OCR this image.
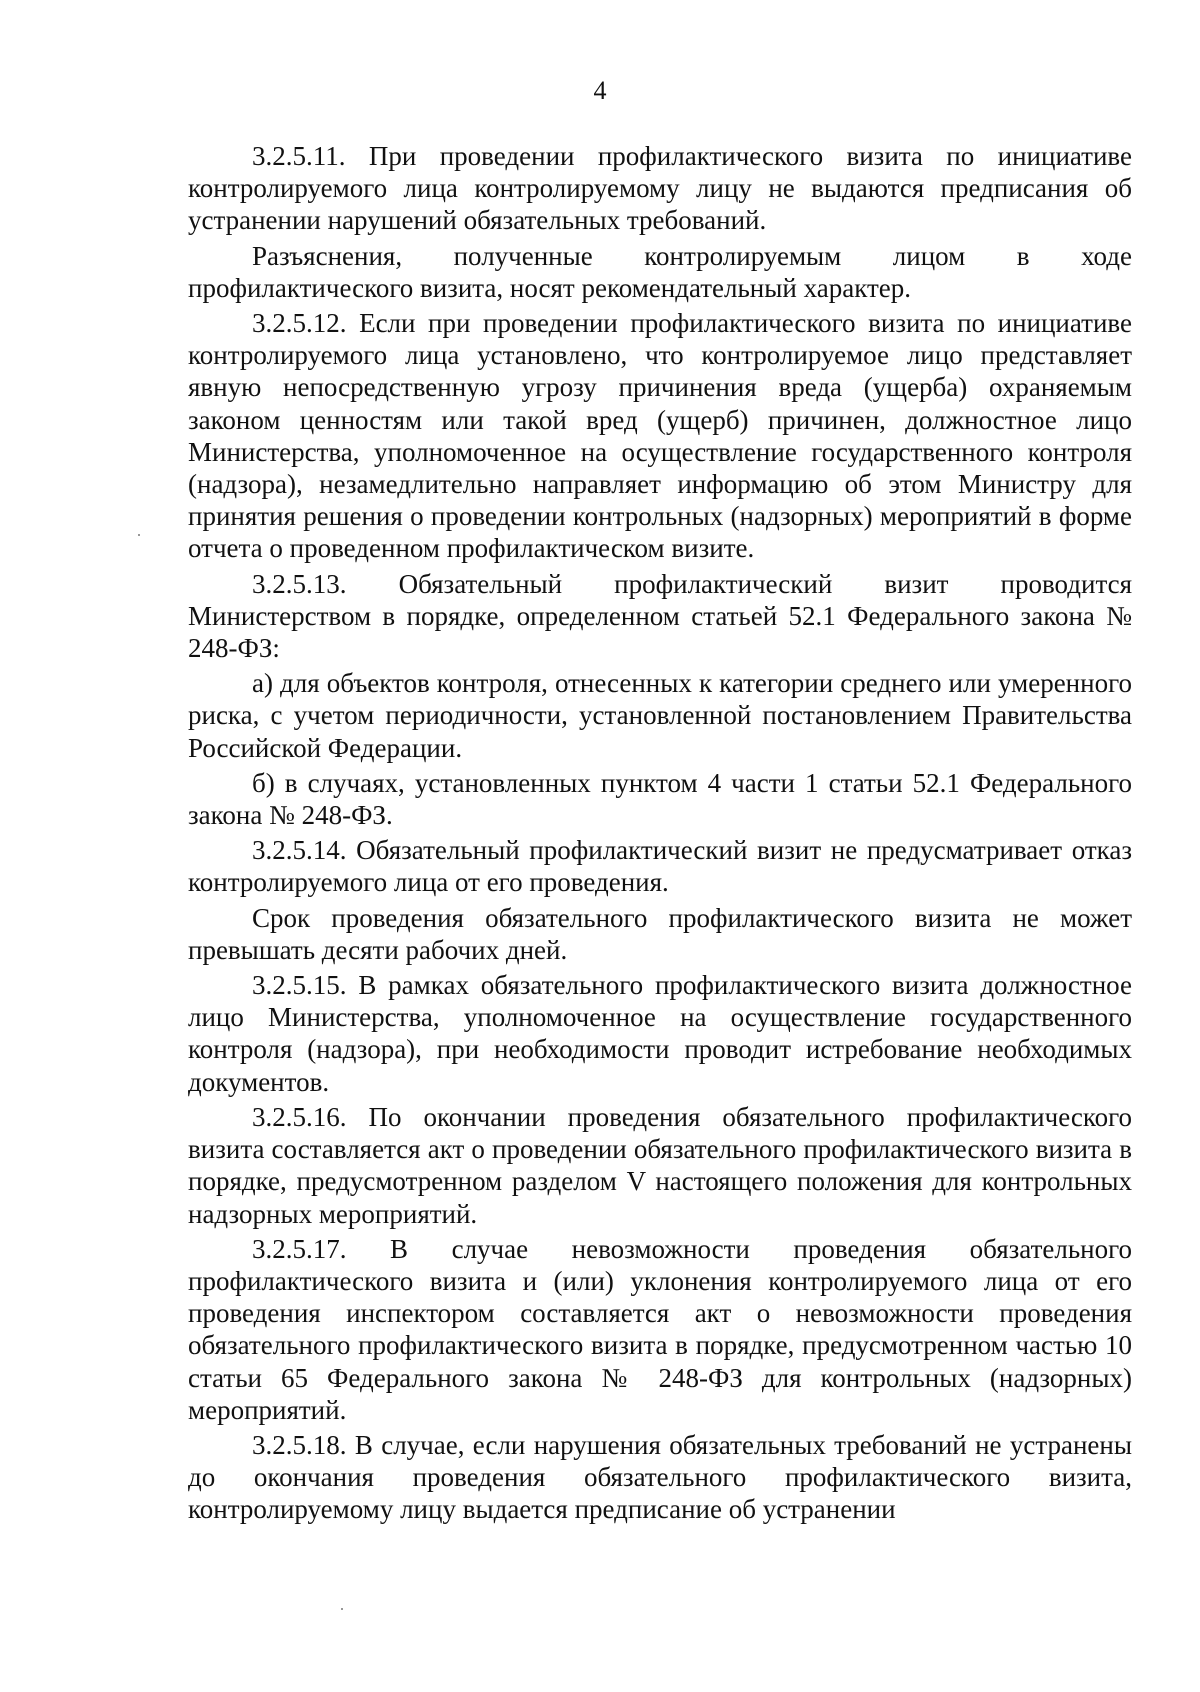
4

3.2.5.11. При проведении профилактического визита по инициативе контролируемого лица контролируемому лицу не выдаются предписания об устранении нарушений обязательных требований.

Разъяснения, полученные контролируемым лицом в ходе профилактического визита, носят рекомендательный характер.

3.2.5.12. Если при проведении профилактического визита по инициативе контролируемого лица установлено, что контролируемое лицо представляет явную непосредственную угрозу причинения вреда (ущерба) охраняемым законом ценностям или такой вред (ущерб) причинен, должностное лицо Министерства, уполномоченное на осуществление государственного контроля (надзора), незамедлительно направляет информацию об этом Министру для принятия решения о проведении контрольных (надзорных) мероприятий в форме отчета о проведенном профилактическом визите.

3.2.5.13. Обязательный профилактический визит проводится Министерством в порядке, определенном статьей 52.1 Федерального закона № 248-ФЗ:

а) для объектов контроля, отнесенных к категории среднего или умеренного риска, с учетом периодичности, установленной постановлением Правительства Российской Федерации.

б) в случаях, установленных пунктом 4 части 1 статьи 52.1 Федерального закона № 248-ФЗ.

3.2.5.14. Обязательный профилактический визит не предусматривает отказ контролируемого лица от его проведения.

Срок проведения обязательного профилактического визита не может превышать десяти рабочих дней.

3.2.5.15. В рамках обязательного профилактического визита должностное лицо Министерства, уполномоченное на осуществление государственного контроля (надзора), при необходимости проводит истребование необходимых документов.

3.2.5.16. По окончании проведения обязательного профилактического визита составляется акт о проведении обязательного профилактического визита в порядке, предусмотренном разделом V настоящего положения для контрольных надзорных мероприятий.

3.2.5.17. В случае невозможности проведения обязательного профилактического визита и (или) уклонения контролируемого лица от его проведения инспектором составляется акт о невозможности проведения обязательного профилактического визита в порядке, предусмотренном частью 10 статьи 65 Федерального закона № 248-ФЗ для контрольных (надзорных) мероприятий.

3.2.5.18. В случае, если нарушения обязательных требований не устранены до окончания проведения обязательного профилактического визита, контролируемому лицу выдается предписание об устранении
